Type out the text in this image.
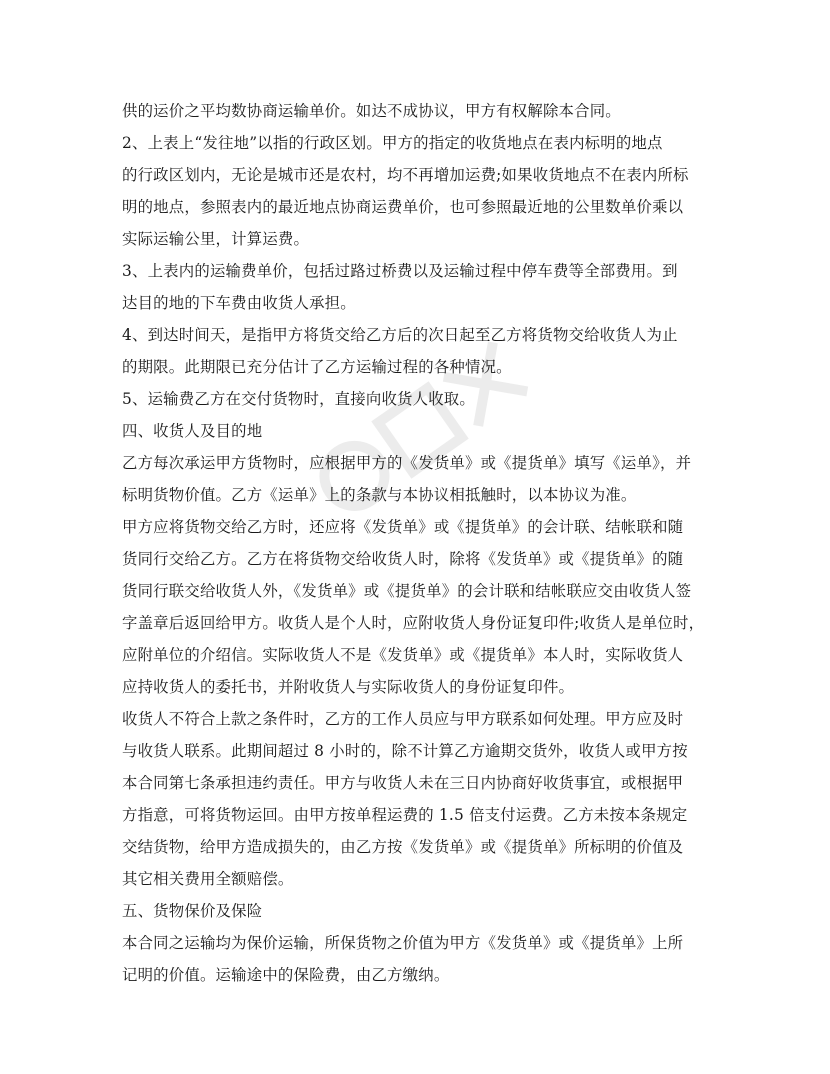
供的运价之平均数协商运输单价。如达不成协议，甲方有权解除本合同。
2、上表上“发往地”以指的行政区划。甲方的指定的收货地点在表内标明的地点
的行政区划内，无论是城市还是农村，均不再增加运费;如果收货地点不在表内所标
明的地点，参照表内的最近地点协商运费单价，也可参照最近地的公里数单价乘以
实际运输公里，计算运费。
3、上表内的运输费单价，包括过路过桥费以及运输过程中停车费等全部费用。到
达目的地的下车费由收货人承担。
4、到达时间天，是指甲方将货交给乙方后的次日起至乙方将货物交给收货人为止
的期限。此期限已充分估计了乙方运输过程的各种情况。
5、运输费乙方在交付货物时，直接向收货人收取。
四、收货人及目的地
乙方每次承运甲方货物时，应根据甲方的《发货单》或《提货单》填写《运单》，并
标明货物价值。乙方《运单》上的条款与本协议相抵触时，以本协议为准。
甲方应将货物交给乙方时，还应将《发货单》或《提货单》的会计联、结帐联和随
货同行交给乙方。乙方在将货物交给收货人时，除将《发货单》或《提货单》的随
货同行联交给收货人外，《发货单》或《提货单》的会计联和结帐联应交由收货人签
字盖章后返回给甲方。收货人是个人时，应附收货人身份证复印件;收货人是单位时，
应附单位的介绍信。实际收货人不是《发货单》或《提货单》本人时，实际收货人
应持收货人的委托书，并附收货人与实际收货人的身份证复印件。
收货人不符合上款之条件时，乙方的工作人员应与甲方联系如何处理。甲方应及时
与收货人联系。此期间超过 8 小时的，除不计算乙方逾期交货外，收货人或甲方按
本合同第七条承担违约责任。甲方与收货人未在三日内协商好收货事宜，或根据甲
方指意，可将货物运回。由甲方按单程运费的 1.5 倍支付运费。乙方未按本条规定
交结货物，给甲方造成损失的，由乙方按《发货单》或《提货单》所标明的价值及
其它相关费用全额赔偿。
五、货物保价及保险
本合同之运输均为保价运输，所保货物之价值为甲方《发货单》或《提货单》上所
记明的价值。运输途中的保险费，由乙方缴纳。
